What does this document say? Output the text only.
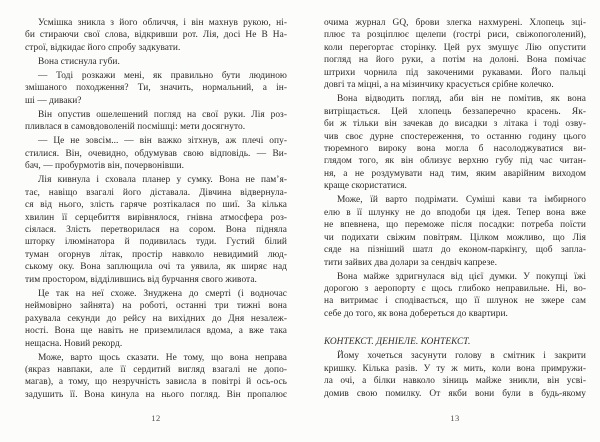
Усмішка зникла з його обличчя, і він махнув рукою, ні-
би стираючи свої слова, відкривши рот. Лія, досі Не В На-
строї, відкидає його спробу задкувати.
Вона стиснула губи.
— Тоді розкажи мені, як правильно бути людиною
змішаного походження? Ти, значить, нормальний, а ін-
ші — диваки?
Він опустив ошелешений погляд на свої руки. Лія роз-
пливлася в самовдоволеній посмішці: мети досягнуто.
— Це не зовсім... — він важко зітхнув, аж плечі опу-
стилися. Він, очевидно, обдумував свою відповідь. — Ви-
бач, — пробурмотів він, почервонівши.
Лія кивнула і сховала планер у сумку. Вона не пам’я-
тає, навіщо взагалі його діставала. Дівчина відвернула-
ся від нього, злість гаряче розтікалася по шиї. За кілька
хвилин її серцебиття вирівнялося, гнівна атмосфера роз-
сіялася. Злість перетворилася на сором. Вона підняла
шторку ілюмінатора й подивилась туди. Густий білий
туман огорнув літак, простір навколо невидимий люд-
ському оку. Вона заплющила очі та уявила, як ширяє над
тим простором, відділившись від бурчання свого живота.
Це так на неї схоже. Знуджена до смерті (і водночас
неймовірно зайнята) на роботі, останні три тижні вона
рахувала секунди до рейсу на вихідних до Дня незалеж-
ності. Вона ще навіть не приземлилася вдома, а вже така
нещасна. Новий рекорд.
Може, варто щось сказати. Не тому, що вона неправа
(якраз навпаки, але її сердитий вигляд взагалі не допо-
магав), а тому, що незручність зависла в повітрі й ось-ось
задушить її. Вона кинула на нього погляд. Він пропалює
12
очима журнал GQ, брови злегка нахмурені. Хлопець зці-
плює та розціплює щелепи (гострі риси, свіжопоголений),
коли перегортає сторінку. Цей рух змушує Лію опустити
погляд на його руки, а потім на долоні. Вона помічає
штрихи чорнила під закоченими рукавами. Його пальці
довгі та міцні, а на мізинчику красується срібне колечко.
Вона відводить погляд, аби він не помітив, як вона
витріщається. Цей хлопець беззаперечно красень. Як-
би ж тільки він зачекав до висадки з літака і тоді озву-
чив своє дурне спостереження, то останню годину цього
тюремного вироку вона могла б насолоджуватися ви-
глядом того, як він облизує верхню губу під час читан-
ня, а не роздумувати над тим, яким аварійним виходом
краще скористатися.
Може, їй варто подрімати. Суміші кави та імбирного
елю в її шлунку не до вподоби ця ідея. Тепер вона вже
не впевнена, що переможе після посадки: потреба поїсти
чи подихати свіжим повітрям. Цілком можливо, що Лія
сяде на пізніший шатл до економ-паркінгу, щоб запла-
тити зайвих два долари за сендвіч капрезе.
Вона майже здригнулася від цієї думки. У покупці їжі
дорогою з аеропорту є щось глибоко неправильне. Ні, во-
на витримає і сподівається, що її шлунок не зжере сам
себе до того, як вона добереться до квартири.
КОНТЕКСТ. ДЕНІЕЛЕ. КОНТЕКСТ.
Йому хочеться засунути голову в смітник і закрити
кришку. Кілька разів. У ту ж мить, коли вона примружи-
ла очі, а білки навколо зіниць майже зникли, він усві-
домив свою помилку. От якби вони були в будь-якому
13
